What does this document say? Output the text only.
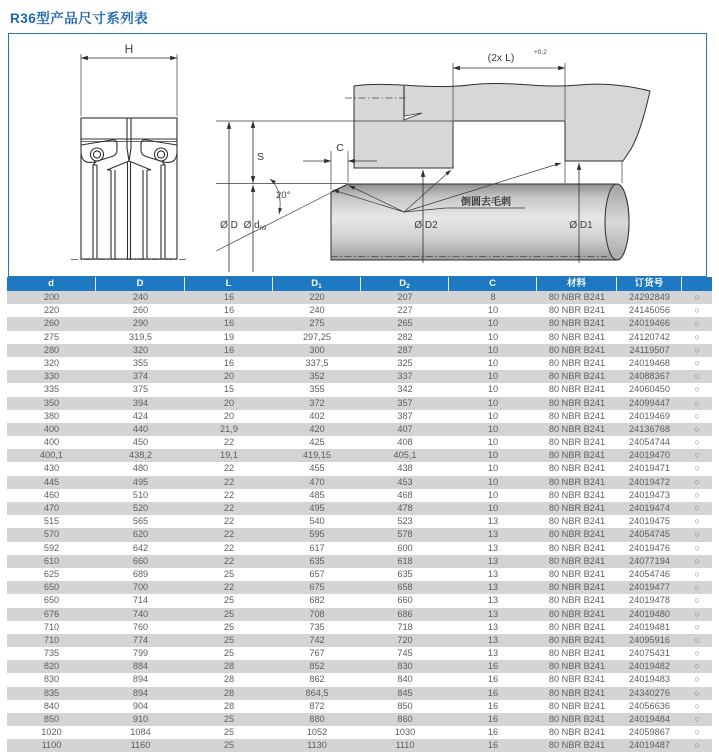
R36型产品尺寸系列表
H
(2x L)	+0,2
S
Ø D Ø $d_{h9}$
C
20°
Ø D2	Ø D1
倒圆去毛刺
d	D	L	$D_1$	$D_2$	C	材料	订货号
200	240	16	220	207	8	80 NBR B241	24292849	○
220	260	16	240	227	10	80 NBR B241	24145056	○
260	290	16	275	265	10	80 NBR B241	24019466	○
275	319,5	19	297,25	282	10	80 NBR B241	24120742	○
280	320	16	300	287	10	80 NBR B241	24119507	○
320	355	16	337,5	325	10	80 NBR B241	24019468	○
330	374	20	352	337	10	80 NBR B241	24088367	○
335	375	15	355	342	10	80 NBR B241	24060450	○
350	394	20	372	357	10	80 NBR B241	24099447	○
380	424	20	402	387	10	80 NBR B241	24019469	○
400	440	21,9	420	407	10	80 NBR B241	24136768	○
400	450	22	425	408	10	80 NBR B241	24054744	○
400,1	438,2	19,1	419,15	405,1	10	80 NBR B241	24019470	○
430	480	22	455	438	10	80 NBR B241	24019471	○
445	495	22	470	453	10	80 NBR B241	24019472	○
460	510	22	485	468	10	80 NBR B241	24019473	○
470	520	22	495	478	10	80 NBR B241	24019474	○
515	565	22	540	523	13	80 NBR B241	24019475	○
570	620	22	595	578	13	80 NBR B241	24054745	○
592	642	22	617	600	13	80 NBR B241	24019476	○
610	660	22	635	618	13	80 NBR B241	24077194	○
625	689	25	657	635	13	80 NBR B241	24054746	○
650	700	22	675	658	13	80 NBR B241	24019477	○
650	714	25	682	660	13	80 NBR B241	24019478	○
676	740	25	708	686	13	80 NBR B241	24019480	○
710	760	25	735	718	13	80 NBR B241	24019481	○
710	774	25	742	720	13	80 NBR B241	24095916	○
735	799	25	767	745	13	80 NBR B241	24075431	○
820	884	28	852	830	16	80 NBR B241	24019482	○
830	894	28	862	840	16	80 NBR B241	24019483	○
835	894	28	864,5	845	16	80 NBR B241	24340276	○
840	904	28	872	850	16	80 NBR B241	24056636	○
850	910	25	880	860	16	80 NBR B241	24019484	○
1020	1084	25	1052	1030	16	80 NBR B241	24059867	○
1100	1160	25	1130	1110	16	80 NBR B241	24019487	○
